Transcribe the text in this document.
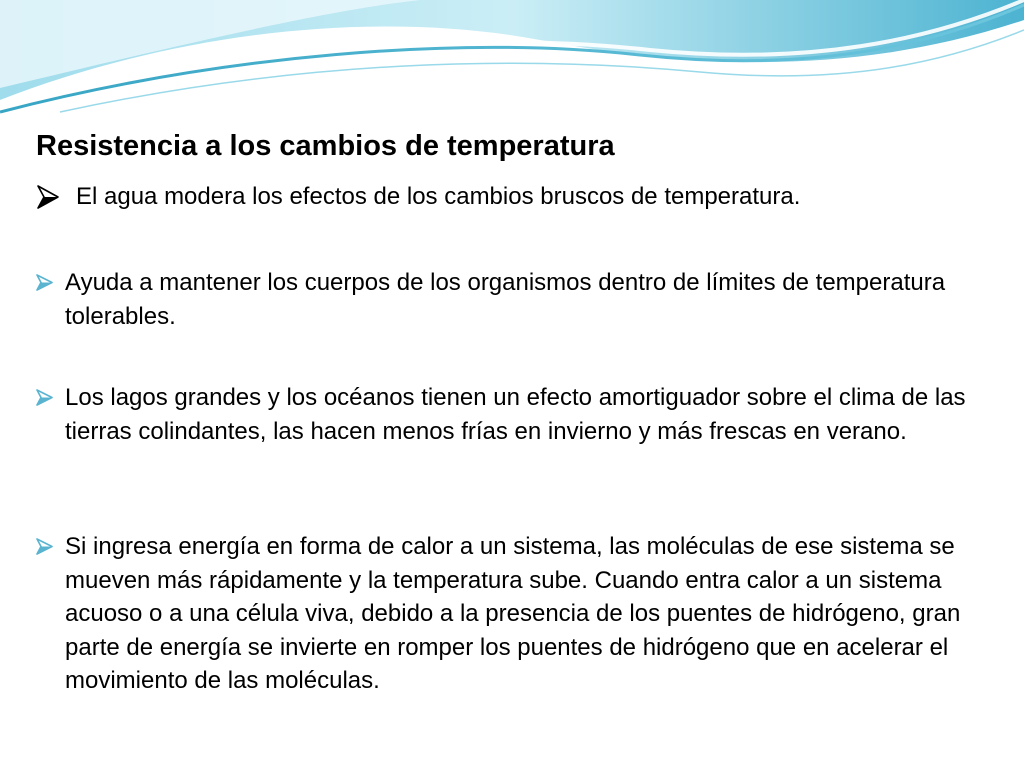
Resistencia a los cambios de temperatura

El agua modera los efectos de los cambios bruscos de temperatura.

Ayuda a mantener los cuerpos de los organismos dentro de límites de temperatura tolerables.

Los lagos grandes y los océanos tienen un efecto amortiguador sobre el clima de las tierras colindantes, las hacen menos frías en invierno y más frescas en verano.

Si ingresa energía en forma de calor a un sistema, las moléculas de ese sistema se mueven más rápidamente y la temperatura sube. Cuando entra calor a un sistema acuoso o a una célula viva, debido a la presencia de los puentes de hidrógeno, gran parte de energía se invierte en romper los puentes de hidrógeno que en acelerar el movimiento de las moléculas.
